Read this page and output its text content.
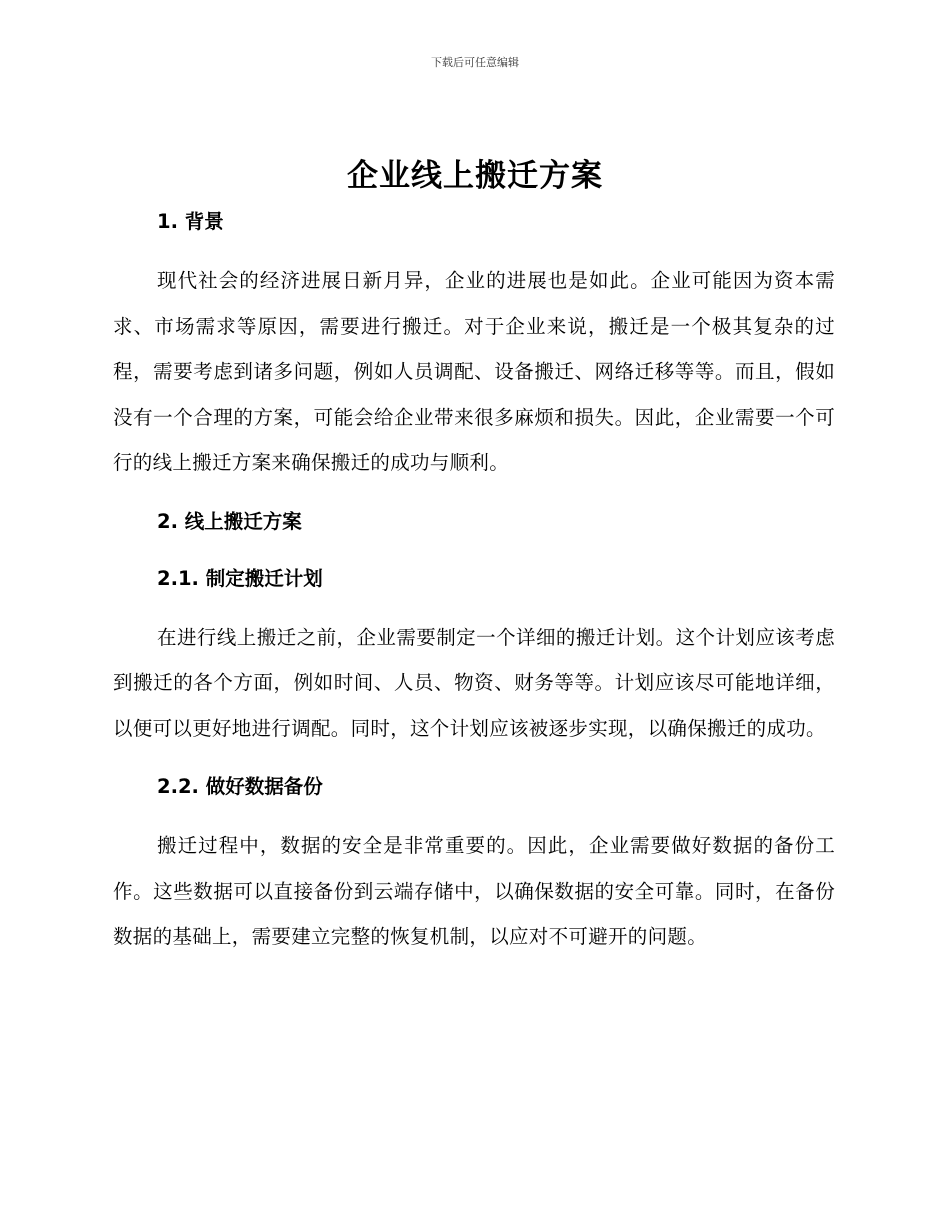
下载后可任意编辑
企业线上搬迁方案
1. 背景

现代社会的经济进展日新月异，企业的进展也是如此。企业可能因为资本需求、市场需求等原因，需要进行搬迁。对于企业来说，搬迁是一个极其复杂的过程，需要考虑到诸多问题，例如人员调配、设备搬迁、网络迁移等等。而且，假如没有一个合理的方案，可能会给企业带来很多麻烦和损失。因此，企业需要一个可行的线上搬迁方案来确保搬迁的成功与顺利。

2. 线上搬迁方案
2.1. 制定搬迁计划

在进行线上搬迁之前，企业需要制定一个详细的搬迁计划。这个计划应该考虑到搬迁的各个方面，例如时间、人员、物资、财务等等。计划应该尽可能地详细，以便可以更好地进行调配。同时，这个计划应该被逐步实现，以确保搬迁的成功。

2.2. 做好数据备份

搬迁过程中，数据的安全是非常重要的。因此，企业需要做好数据的备份工作。这些数据可以直接备份到云端存储中，以确保数据的安全可靠。同时，在备份数据的基础上，需要建立完整的恢复机制，以应对不可避开的问题。
